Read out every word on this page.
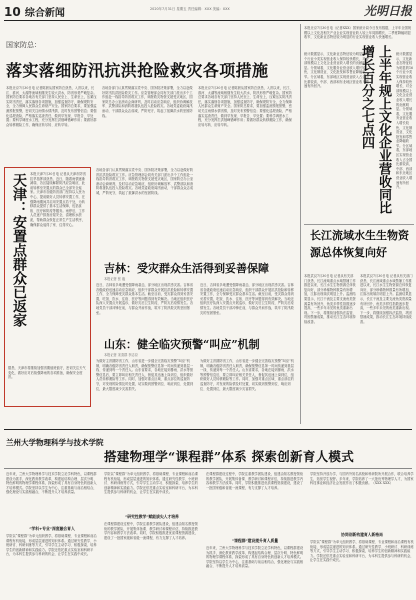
10 综合新闻	2020年7月31日 星期五 责任编辑：XXX 美编：XXX	光明日报
国家防总：
落实落细防汛抗洪抢险救灾各项措施
本报北京7月30日电 记者陈晨从国家防总获悉，入汛以来，长江、淮河、太湖等流域相继发生较大洪水，防汛形势严峻复杂。国家防总要求各地各有关部门坚持人民至上、生命至上，压紧压实防汛责任，落实落细各项措施，加强巡查防守，确保堤防安全，全力保障人民群众生命财产安全。国家防总要求，要加强监测预报预警，密切关注雨情水情汛情，及时发布预警信息；要强化巡堤查险，严格落实巡查责任，做到早发现、早报告、早处置；要科学调度水工程，充分发挥拦洪削峰错峰作用；要做好群众转移避险工作，确保应转尽转、应转早转。
各地各部门认真贯彻落实党中央、国务院决策部署，全力以赴做好防汛抗洪抢险救灾工作。应急管理部会同有关部门派出多个工作组赴一线指导防汛救灾工作，调拨救灾物资支援受灾地区，国家防总办公室滚动会商研判，及时启动应急响应，组织协调解放军、武警部队和消防救援队伍投入抢险救灾。各地党委政府闻汛而动，干部群众众志成城，严防死守，筑起了抵御洪水的坚固防线。
本报北京7月30日电 记者陈晨从国家防总获悉，入汛以来，长江、淮河、太湖等流域相继发生较大洪水，防汛形势严峻复杂。国家防总要求各地各有关部门坚持人民至上、生命至上，压紧压实防汛责任，落实落细各项措施，加强巡查防守，确保堤防安全，全力保障人民群众生命财产安全。国家防总要求，要加强监测预报预警，密切关注雨情水情汛情，及时发布预警信息；要强化巡堤查险，严格落实巡查责任，做到早发现、早报告、早处置；要科学调度水工程，充分发挥拦洪削峰错峰作用；要做好群众转移避险工作，确保应转尽转、应转早转。
各地各部门认真贯彻落实党中央、国务院决策部署，全力以赴做好防汛抗洪抢险救灾工作。应急管理部会同有关部门派出多个工作组赴一线指导防汛救灾工作，调拨救灾物资支援受灾地区，国家防总办公室滚动会商研判，及时启动应急响应，组织协调解放军、武警部队和消防救援队伍投入抢险救灾。各地党委政府闻汛而动，干部群众众志成城，严防死守，筑起了抵御洪水的坚固防线。
本报北京7月30日电（记者XXX）国家统计局今日发布数据，上半年全国规模以上文化及相关产业企业实现营业收入较上年同期增长，二季度降幅明显收窄，文化新业态特征较为明显的行业实现营业收入快速增长。
统计数据显示，文化新业态特征较为明显的16个行业小类实现营业收入保持较快增长，对全部规模以上文化企业营业收入增长的贡献明显。分领域看，文化服务业营业收入增长较快，文化制造业、文化批发和零售业降幅收窄。分区域看，东部地区实现营业收入占全国比重较高，中部、西部和东北地区营业收入增速有所回升。	上半年规上文化企业营收同比增长百分之七点四	统计数据显示，文化新业态特征较为明显的16个行业小类实现营业收入保持较快增长，对全部规模以上文化企业营业收入增长的贡献明显。分领域看，文化服务业营业收入增长较快，文化制造业、文化批发和零售业降幅收窄。分区域看，东部地区实现营业收入占全国比重较高，中部、西部和东北地区营业收入增速有所回升。
天津：安置点群众已返家 本报天津7月30日电 记者从天津市防汛抗旱指挥部获悉，近日，随着雨情逐渐减弱，各区陆续解除防汛应急响应，此前转移至安置点的群众已全部安全返家。天津市各级防汛部门坚持以人民为中心，提前做好人员转移安置工作，在强降雨期间共启用安置点若干处，为转移群众提供了基本生活保障，包括食宿、医疗和防疫等服务。雨停后，工作人员逐户排查房屋安全，清理积水淤泥，帮助群众恢复正常生产生活秩序，确保群众返得了家、住得安心。
据悉，天津市将继续加强汛期值班值守，密切关注天气变化，做好应对后续强降雨的各项准备，确保安全度汛。
吉林：受灾群众生活得到妥善保障
本报记者 张 毅
近日，吉林省多地遭受强降雨袭击，部分地区出现洪涝灾害。吉林省各级政府迅速启动应急响应，组织干部群众开展抗洪抢险和转移安置工作，全力保障受灾群众基本生活。截至目前，受灾群众得到妥善安置，吃饭、饮水、住宿、医疗等问题得到有效解决。当地还组织医疗队深入安置点开展巡诊，做好灾后卫生防疫，严防灾后疫情发生。各地党员干部冲锋在前，与群众并肩作战，筑牢了防汛救灾的坚固堡垒。
近日，吉林省多地遭受强降雨袭击，部分地区出现洪涝灾害。吉林省各级政府迅速启动应急响应，组织干部群众开展抗洪抢险和转移安置工作，全力保障受灾群众基本生活。截至目前，受灾群众得到妥善安置，吃饭、饮水、住宿、医疗等问题得到有效解决。当地还组织医疗队深入安置点开展巡诊，做好灾后卫生防疫，严防灾后疫情发生。各地党员干部冲锋在前，与群众并肩作战，筑牢了防汛救灾的坚固堡垒。
山东：健全临灾预警“叫应”机制
本报记者 宋喜群 李志臣
为做好主汛期防汛工作，山东省进一步健全完善临灾预警“叫应”机制，明确各级防汛责任人职责，确保预警信息第一时间传递到基层一线、传递到每一个责任人。山东省要求，各地在接到暴雨、洪水等预警信息后，要立即叫应相关责任人，督促其迅速上岗到位，组织做好人员转移避险等工作。同时，加强对重点区域、重点部位的巡查防守，对发现的险情及时处置，切实做到预警到位、响应到位、处置到位，最大限度减少灾害损失。
为做好主汛期防汛工作，山东省进一步健全完善临灾预警“叫应”机制，明确各级防汛责任人职责，确保预警信息第一时间传递到基层一线、传递到每一个责任人。山东省要求，各地在接到暴雨、洪水等预警信息后，要立即叫应相关责任人，督促其迅速上岗到位，组织做好人员转移避险等工作。同时，加强对重点区域、重点部位的巡查防守，对发现的险情及时处置，切实做到预警到位、响应到位、处置到位，最大限度减少灾害损失。
长江流域水生生物资源总体恢复向好
本报武汉7月30日电 记者从有关部门获悉，长江流域重点水域禁捕工作推进以来，长江水生生物资源总体恢复向好，部分珍稀物种数量有所增加，江豚出现频次明显上升。监测结果显示，长江干流及主要支流鱼类资源量有所回升，鱼类多样性指数逐步提高，一些多年未见的鱼类重新出现。下一步，将继续加强执法监管，巩固禁捕成果，推动长江生态环境持续改善。
本报武汉7月30日电 记者从有关部门获悉，长江流域重点水域禁捕工作推进以来，长江水生生物资源总体恢复向好，部分珍稀物种数量有所增加，江豚出现频次明显上升。监测结果显示，长江干流及主要支流鱼类资源量有所回升，鱼类多样性指数逐步提高，一些多年未见的鱼类重新出现。下一步，将继续加强执法监管，巩固禁捕成果，推动长江生态环境持续改善。
兰州大学物理科学与技术学院
搭建物理学“课程群”体系 探索创新育人模式
近年来，兰州大学物理科学与技术学院立足学科特色，以课程群建设为抓手，深化教育教学改革，构建起结构合理、层次分明、特色鲜明的物理学课程体系，探索形成了具有自身特色的创新人才培养模式。学院坚持以学生为中心，注重基础与前沿相结合，强化理论与实践相融合，不断提升人才培养质量。
“学科+专业”深度融合育人
学院以“课程群”为单元组织教学，将基础课程、专业课程和前沿课程有机衔接，形成层层递进的知识体系。通过研究性教学、小班研讨、科研训练等方式，引导学生主动学习、积极探索，培养学生的创新精神和实践能力。学院还依托重点实验室和科研平台，为本科生提供参与科研的机会，让学生在实践中成长。
学院以“课程群”为单元组织教学，将基础课程、专业课程和前沿课程有机衔接，形成层层递进的知识体系。通过研究性教学、小班研讨、科研训练等方式，引导学生主动学习、积极探索，培养学生的创新精神和实践能力。学院还依托重点实验室和科研平台，为本科生提供参与科研的机会，让学生在实践中成长。
“研究性教学”赋能拔尖人才培养
在课程群建设过程中，学院注重教学团队建设，组建由知名教授领衔的教学团队，开展集体备课、教学研讨和课程评估，持续推进教学内容和教学方法改革。同时，学院积极推进优质课程资源建设，建设了一批国家级和省级一流课程，有力支撑了人才培养。
在课程群建设过程中，学院注重教学团队建设，组建由知名教授领衔的教学团队，开展集体备课、教学研讨和课程评估，持续推进教学内容和教学方法改革。同时，学院积极推进优质课程资源建设，建设了一批国家级和省级一流课程，有力支撑了人才培养。
“课程群”建设提升育人质量
近年来，兰州大学物理科学与技术学院立足学科特色，以课程群建设为抓手，深化教育教学改革，构建起结构合理、层次分明、特色鲜明的物理学课程体系，探索形成了具有自身特色的创新人才培养模式。学院坚持以学生为中心，注重基础与前沿相结合，强化理论与实践相融合，不断提升人才培养质量。
学院坚持开放办学，与国内外知名高校和科研院所开展合作，联合培养学生，拓宽学生视野。多年来，学院培养了一大批优秀物理学人才，为国家科技事业和经济社会发展作出了积极贡献。（XXX XXX）
协同创新构建育人新格局
学院以“课程群”为单元组织教学，将基础课程、专业课程和前沿课程有机衔接，形成层层递进的知识体系。通过研究性教学、小班研讨、科研训练等方式，引导学生主动学习、积极探索，培养学生的创新精神和实践能力。学院还依托重点实验室和科研平台，为本科生提供参与科研的机会，让学生在实践中成长。
